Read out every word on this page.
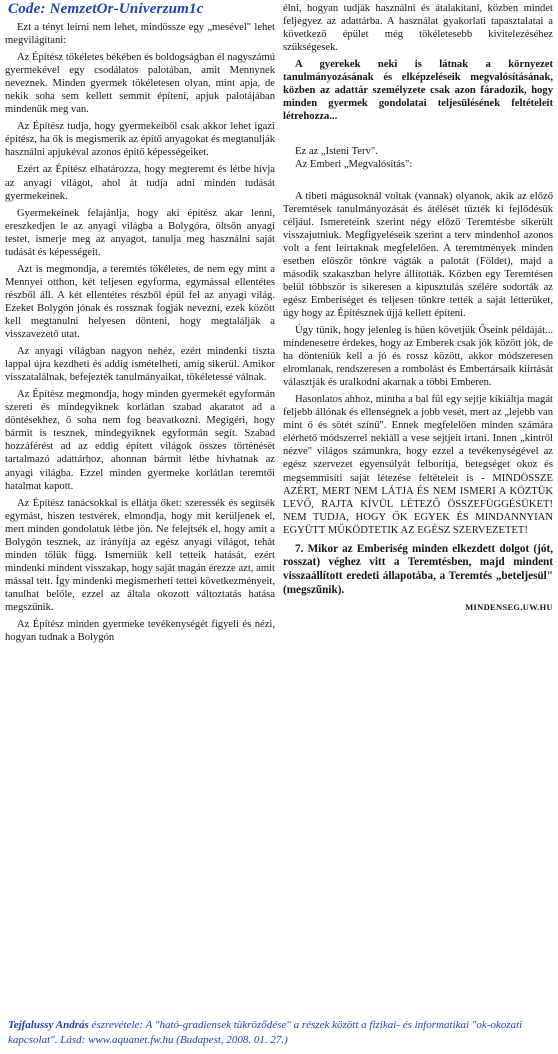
Code: NemzetOr-Univerzum1c

Ezt a tényt leírni nem lehet, mindössze egy „mesével" lehet megvilágítani:

Az Építész tökéletes békében és boldogságban él nagyszámú gyermekével egy csodálatos palotában, amit Mennynek neveznek. Minden gyermek tökéletesen olyan, mint apja, de nekik soha sem kellett semmit építeni, apjuk palotájában mindenük meg van.

Az Építész tudja, hogy gyermekeiből csak akkor lehet igazi építész, ha ők is megismerik az építő anyagokat és megtanulják használni apjukéval azonos építő képességeiket.

Ezért az Építész elhatározza, hogy megteremt és létbe hívja az anyagi világot, ahol át tudja adni minden tudását gyermekeinek.

Gyermekeinek felajánlja, hogy aki építész akar lenni, ereszkedjen le az anyagi világba a Bolygóra, öltsön anyagi testet, ismerje meg az anyagot, tanulja meg használni saját tudását és képességeit.

Azt is megmondja, a teremtés tökéletes, de nem egy mint a Mennyei otthon, két teljesen egyforma, egymással ellentétes részből áll. A két ellentétes részből épül fel az anyagi világ. Ezeket Bolygón jónak és rossznak fogják nevezni, ezek között kell megtanulni helyesen dönteni, hogy megtalálják a visszavezető utat.

Az anyagi világban nagyon nehéz, ezért mindenki tiszta lappal újra kezdheti és addig ismételheti, amíg sikerül. Amikor visszatalálnak, befejezték tanulmányaikat, tökéletessé válnak.

Az Építész megmondja, hogy minden gyermekét egyformán szereti és mindegyiknek korlátlan szabad akaratot ad a döntésekhez, ő soha nem fog beavatkozni. Megígéri, hogy bármit is tesznek, mindegyiknek egyformán segít. Szabad hozzáférést ad az eddig épített világok összes történését tartalmazó adattárhoz, ahonnan bármit létbe hívhatnak az anyagi világba. Ezzel minden gyermeke korlátlan teremtői hatalmat kapott.

Az Építész tanácsokkal is ellátja őket: szeressék és segítsék egymást, hiszen testvérek, elmondja, hogy mit kerüljenek el, mert minden gondolatuk létbe jön. Ne felejtsék el, hogy amit a Bolygón tesznek, az irányítja az egész anyagi világot, tehát minden tőlük függ. Ismerniük kell tetteik hatását, ezért mindenki mindent visszakap, hogy saját magán érezze azt, amit mással tett. Így mindenki megismerheti tettei következményeit, tanulhat belőle, ezzel az általa okozott változtatás hatása megszűnik.

Az Építész minden gyermeke tevékenységét figyeli és nézi, hogyan tudnak a Bolygón

élni, hogyan tudják használni és átalakítani, közben mindet feljegyez az adattárba. A használat gyakorlati tapasztalatai a következő épület még tökéletesebb kivitelezéséhez szükségesek.

A gyerekek neki is látnak a környezet tanulmányozásának és elképzeléseik megvalósításának, közben az adattár személyzete csak azon fáradozik, hogy minden gyermek gondolatai teljesülésének feltételeit létrehozza...

Ez az „Isteni Terv".

Az Emberi „Megvalósítás":

A tibeti mágusoknál voltak (vannak) olyanok, akik az előző Teremtések tanulmányozását és átélését tűzték ki fejlődésük céljául. Ismereteink szerint négy előző Teremtésbe sikerült visszajutniuk. Megfigyeléseik szerint a terv mindenhol azonos volt a fent leírtaknak megfelelően. A teremtmények minden esetben először tönkre vágták a palotát (Földet), majd a második szakaszban helyre állították. Közben egy Teremtésen belül többször is sikeresen a kipusztulás szélére sodorták az egész Emberiséget és teljesen tönkre tették a saját létterüket, úgy hogy az Építésznek újjá kellett építeni.

Úgy tűnik, hogy jelenleg is hűen követjük Őseink példáját... mindenesetre érdekes, hogy az Emberek csak jók között jók, de ha dönteniük kell a jó és rossz között, akkor módszeresen elromlanak, rendszeresen a rombolást és Embertársaik kiirtását választják és uralkodni akarnak a többi Emberen.

Hasonlatos ahhoz, mintha a bal fül egy sejtje kikiáltja magát feljebb állónak és ellenségnek a jobb vesét, mert az „lejebb van mint ő és sötét színű". Ennek megfelelően minden számára elérhető módszerrel nekiáll a vese sejtjeit irtani. Innen „kintről nézve" világos számunkra, hogy ezzel a tevékenységével az egész szervezet egyensúlyát felborítja, betegséget okoz és megsemmisíti saját létezése feltételeit is - MINDÖSSZE AZÉRT, MERT NEM LÁTJA ÉS NEM ISMERI A KÖZTÜK LEVŐ, RAJTA KÍVÜL LÉTEZŐ ÖSSZEFÜGGÉSÜKET! NEM TUDJA, HOGY ŐK EGYEK ÉS MINDANNYIAN EGYÜTT MŰKÖDTETIK AZ EGÉSZ SZERVEZETET!

7. Mikor az Emberiség minden elkezdett dolgot (jót, rosszat) véghez vitt a Teremtésben, majd mindent visszaállított eredeti állapotába, a Teremtés „beteljesül" (megszűnik).

MINDENSEG.UW.HU
Tejfalussy András észrevétele: A "ható-gradiensek tükröződése" a részek között a fizikai- és informatikai "ok-okozati kapcsolat". Lásd: www.aquanet.fw.hu (Budapest, 2008. 01. 27.)
